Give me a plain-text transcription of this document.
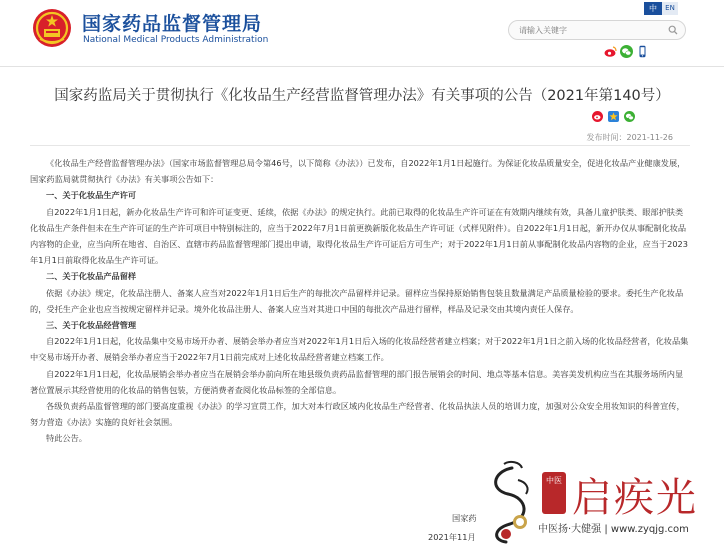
国家药品监督管理局
National Medical Products Administration
中	EN
请输入关键字
国家药监局关于贯彻执行《化妆品生产经营监督管理办法》有关事项的公告（2021年第140号）
发布时间：2021-11-26

《化妆品生产经营监督管理办法》（国家市场监督管理总局令第46号，以下简称《办法》）已发布，自2022年1月1日起施行。为保证化妆品质量安全，促进化妆品产业健康发展，国家药监局就贯彻执行《办法》有关事项公告如下：

一、关于化妆品生产许可

自2022年1月1日起，新办化妆品生产许可和许可证变更、延续，依据《办法》的规定执行。此前已取得的化妆品生产许可证在有效期内继续有效，具备儿童护肤类、眼部护肤类化妆品生产条件但未在生产许可证的生产许可项目中特别标注的，应当于2022年7月1日前更换新版化妆品生产许可证（式样见附件）。自2022年1月1日起，新开办仅从事配制化妆品内容物的企业，应当向所在地省、自治区、直辖市药品监督管理部门提出申请，取得化妆品生产许可证后方可生产；对于2022年1月1日前从事配制化妆品内容物的企业，应当于2023年1月1日前取得化妆品生产许可证。

二、关于化妆品产品留样

依据《办法》规定，化妆品注册人、备案人应当对2022年1月1日后生产的每批次产品留样并记录。留样应当保持原始销售包装且数量满足产品质量检验的要求。委托生产化妆品的，受托生产企业也应当按规定留样并记录。境外化妆品注册人、备案人应当对其进口中国的每批次产品进行留样，样品及记录交由其境内责任人保存。

三、关于化妆品经营管理

自2022年1月1日起，化妆品集中交易市场开办者、展销会举办者应当对2022年1月1日后入场的化妆品经营者建立档案；对于2022年1月1日之前入场的化妆品经营者，化妆品集中交易市场开办者、展销会举办者应当于2022年7月1日前完成对上述化妆品经营者建立档案工作。

自2022年1月1日起，化妆品展销会举办者应当在展销会举办前向所在地县级负责药品监督管理的部门报告展销会的时间、地点等基本信息。美容美发机构应当在其服务场所内显著位置展示其经营使用的化妆品的销售包装，方便消费者查阅化妆品标签的全部信息。

各级负责药品监督管理的部门要高度重视《办法》的学习宣贯工作，加大对本行政区域内化妆品生产经营者、化妆品执法人员的培训力度，加强对公众安全用妆知识的科普宣传，努力营造《办法》实施的良好社会氛围。

特此公告。

国家药
2021年11月
中医 启疾光
中医扬·大健强 | www.zyqjg.com
